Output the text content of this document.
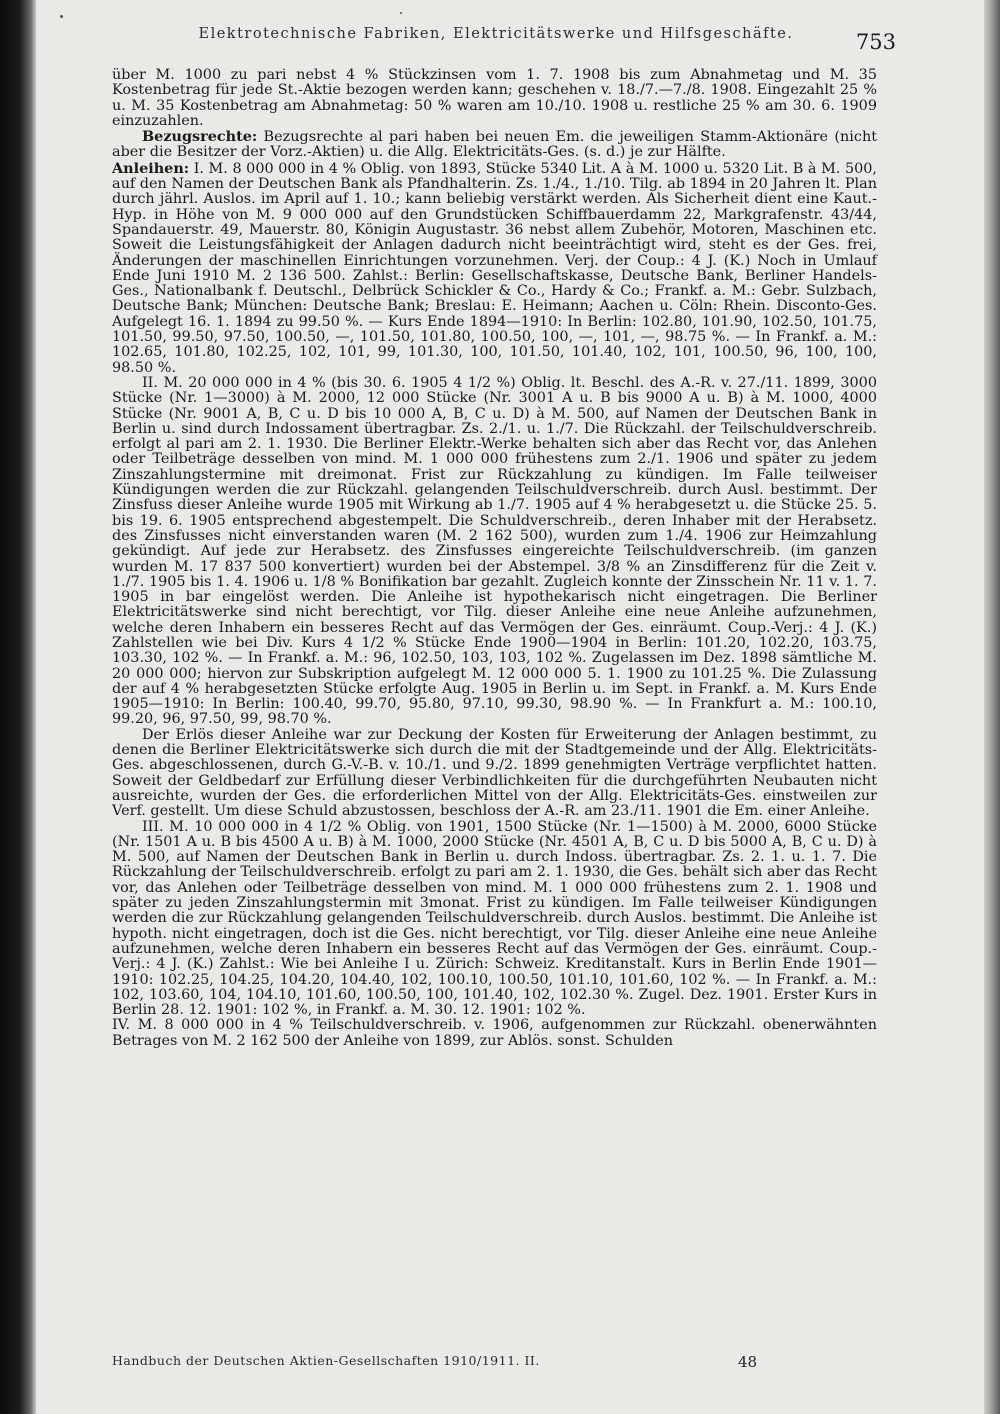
Elektrotechnische Fabriken, Elektricitätswerke und Hilfsgeschäfte.	753

über M. 1000 zu pari nebst 4 % Stückzinsen vom 1. 7. 1908 bis zum Abnahmetag und M. 35 Kostenbetrag für jede St.-Aktie bezogen werden kann; geschehen v. 18./7.—7./8. 1908. Eingezahlt 25 % u. M. 35 Kostenbetrag am Abnahmetag: 50 % waren am 10./10. 1908 u. restliche 25 % am 30. 6. 1909 einzuzahlen.

Bezugsrechte: Bezugsrechte al pari haben bei neuen Em. die jeweiligen Stamm-Aktionäre (nicht aber die Besitzer der Vorz.-Aktien) u. die Allg. Elektricitäts-Ges. (s. d.) je zur Hälfte.

Anleihen: I. M. 8 000 000 in 4 % Oblig. von 1893, Stücke 5340 Lit. A à M. 1000 u. 5320 Lit. B à M. 500, auf den Namen der Deutschen Bank als Pfandhalterin. Zs. 1./4., 1./10. Tilg. ab 1894 in 20 Jahren lt. Plan durch jährl. Auslos. im April auf 1. 10.; kann beliebig verstärkt werden. Als Sicherheit dient eine Kaut.-Hyp. in Höhe von M. 9 000 000 auf den Grundstücken Schiffbauerdamm 22, Markgrafenstr. 43/44, Spandauerstr. 49, Mauerstr. 80, Königin Augustastr. 36 nebst allem Zubehör, Motoren, Maschinen etc. Soweit die Leistungsfähigkeit der Anlagen dadurch nicht beeinträchtigt wird, steht es der Ges. frei, Änderungen der maschinellen Einrichtungen vorzunehmen. Verj. der Coup.: 4 J. (K.) Noch in Umlauf Ende Juni 1910 M. 2 136 500. Zahlst.: Berlin: Gesellschaftskasse, Deutsche Bank, Berliner Handels-Ges., Nationalbank f. Deutschl., Delbrück Schickler & Co., Hardy & Co.; Frankf. a. M.: Gebr. Sulzbach, Deutsche Bank; München: Deutsche Bank; Breslau: E. Heimann; Aachen u. Cöln: Rhein. Disconto-Ges. Aufgelegt 16. 1. 1894 zu 99.50 %. — Kurs Ende 1894—1910: In Berlin: 102.80, 101.90, 102.50, 101.75, 101.50, 99.50, 97.50, 100.50, —, 101.50, 101.80, 100.50, 100, —, 101, —, 98.75 %. — In Frankf. a. M.: 102.65, 101.80, 102.25, 102, 101, 99, 101.30, 100, 101.50, 101.40, 102, 101, 100.50, 96, 100, 100, 98.50 %.

II. M. 20 000 000 in 4 % (bis 30. 6. 1905 4 1/2 %) Oblig. lt. Beschl. des A.-R. v. 27./11. 1899, 3000 Stücke (Nr. 1—3000) à M. 2000, 12 000 Stücke (Nr. 3001 A u. B bis 9000 A u. B) à M. 1000, 4000 Stücke (Nr. 9001 A, B, C u. D bis 10 000 A, B, C u. D) à M. 500, auf Namen der Deutschen Bank in Berlin u. sind durch Indossament übertragbar. Zs. 2./1. u. 1./7. Die Rückzahl. der Teilschuldverschreib. erfolgt al pari am 2. 1. 1930. Die Berliner Elektr.-Werke behalten sich aber das Recht vor, das Anlehen oder Teilbeträge desselben von mind. M. 1 000 000 frühestens zum 2./1. 1906 und später zu jedem Zinszahlungstermine mit dreimonat. Frist zur Rückzahlung zu kündigen. Im Falle teilweiser Kündigungen werden die zur Rückzahl. gelangenden Teilschuldverschreib. durch Ausl. bestimmt. Der Zinsfuss dieser Anleihe wurde 1905 mit Wirkung ab 1./7. 1905 auf 4 % herabgesetzt u. die Stücke 25. 5. bis 19. 6. 1905 entsprechend abgestempelt. Die Schuldverschreib., deren Inhaber mit der Herabsetz. des Zinsfusses nicht einverstanden waren (M. 2 162 500), wurden zum 1./4. 1906 zur Heimzahlung gekündigt. Auf jede zur Herabsetz. des Zinsfusses eingereichte Teilschuldverschreib. (im ganzen wurden M. 17 837 500 konvertiert) wurden bei der Abstempel. 3/8 % an Zinsdifferenz für die Zeit v. 1./7. 1905 bis 1. 4. 1906 u. 1/8 % Bonifikation bar gezahlt. Zugleich konnte der Zinsschein Nr. 11 v. 1. 7. 1905 in bar eingelöst werden. Die Anleihe ist hypothekarisch nicht eingetragen. Die Berliner Elektricitätswerke sind nicht berechtigt, vor Tilg. dieser Anleihe eine neue Anleihe aufzunehmen, welche deren Inhabern ein besseres Recht auf das Vermögen der Ges. einräumt. Coup.-Verj.: 4 J. (K.) Zahlstellen wie bei Div. Kurs 4 1/2 % Stücke Ende 1900—1904 in Berlin: 101.20, 102.20, 103.75, 103.30, 102 %. — In Frankf. a. M.: 96, 102.50, 103, 103, 102 %. Zugelassen im Dez. 1898 sämtliche M. 20 000 000; hiervon zur Subskription aufgelegt M. 12 000 000 5. 1. 1900 zu 101.25 %. Die Zulassung der auf 4 % herabgesetzten Stücke erfolgte Aug. 1905 in Berlin u. im Sept. in Frankf. a. M. Kurs Ende 1905—1910: In Berlin: 100.40, 99.70, 95.80, 97.10, 99.30, 98.90 %. — In Frankfurt a. M.: 100.10, 99.20, 96, 97.50, 99, 98.70 %.

Der Erlös dieser Anleihe war zur Deckung der Kosten für Erweiterung der Anlagen bestimmt, zu denen die Berliner Elektricitätswerke sich durch die mit der Stadtgemeinde und der Allg. Elektricitäts-Ges. abgeschlossenen, durch G.-V.-B. v. 10./1. und 9./2. 1899 genehmigten Verträge verpflichtet hatten. Soweit der Geldbedarf zur Erfüllung dieser Verbindlichkeiten für die durchgeführten Neubauten nicht ausreichte, wurden der Ges. die erforderlichen Mittel von der Allg. Elektricitäts-Ges. einstweilen zur Verf. gestellt. Um diese Schuld abzustossen, beschloss der A.-R. am 23./11. 1901 die Em. einer Anleihe.

III. M. 10 000 000 in 4 1/2 % Oblig. von 1901, 1500 Stücke (Nr. 1—1500) à M. 2000, 6000 Stücke (Nr. 1501 A u. B bis 4500 A u. B) à M. 1000, 2000 Stücke (Nr. 4501 A, B, C u. D bis 5000 A, B, C u. D) à M. 500, auf Namen der Deutschen Bank in Berlin u. durch Indoss. übertragbar. Zs. 2. 1. u. 1. 7. Die Rückzahlung der Teilschuldverschreib. erfolgt zu pari am 2. 1. 1930, die Ges. behält sich aber das Recht vor, das Anlehen oder Teilbeträge desselben von mind. M. 1 000 000 frühestens zum 2. 1. 1908 und später zu jeden Zinszahlungstermin mit 3monat. Frist zu kündigen. Im Falle teilweiser Kündigungen werden die zur Rückzahlung gelangenden Teilschuldverschreib. durch Auslos. bestimmt. Die Anleihe ist hypoth. nicht eingetragen, doch ist die Ges. nicht berechtigt, vor Tilg. dieser Anleihe eine neue Anleihe aufzunehmen, welche deren Inhabern ein besseres Recht auf das Vermögen der Ges. einräumt. Coup.-Verj.: 4 J. (K.) Zahlst.: Wie bei Anleihe I u. Zürich: Schweiz. Kreditanstalt. Kurs in Berlin Ende 1901—1910: 102.25, 104.25, 104.20, 104.40, 102, 100.10, 100.50, 101.10, 101.60, 102 %. — In Frankf. a. M.: 102, 103.60, 104, 104.10, 101.60, 100.50, 100, 101.40, 102, 102.30 %. Zugel. Dez. 1901. Erster Kurs in Berlin 28. 12. 1901: 102 %, in Frankf. a. M. 30. 12. 1901: 102 %.

IV. M. 8 000 000 in 4 % Teilschuldverschreib. v. 1906, aufgenommen zur Rückzahl. obenerwähnten Betrages von M. 2 162 500 der Anleihe von 1899, zur Ablös. sonst. Schulden

Handbuch der Deutschen Aktien-Gesellschaften 1910/1911. II.	48
